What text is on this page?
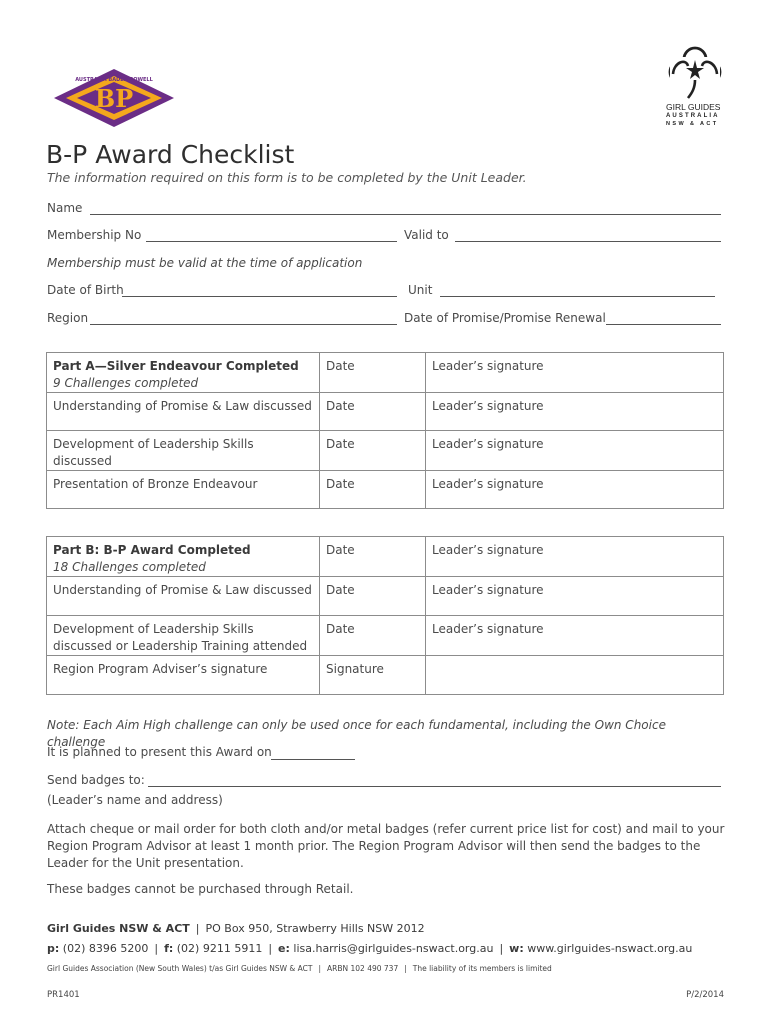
BP
AUSTRALIA BADEN POWELL
GIRL GUIDES
AUSTRALIA
NSW & ACT
B-P Award Checklist
The information required on this form is to be completed by the Unit Leader.
Name
Membership No	Valid to
Membership must be valid at the time of application
Date of Birth	Unit
Region	Date of Promise/Promise Renewal
Part A—Silver Endeavour Completed
9 Challenges completed	Date	Leader’s signature
Understanding of Promise & Law discussed	Date	Leader’s signature
Development of Leadership Skills discussed	Date	Leader’s signature
Presentation of Bronze Endeavour	Date	Leader’s signature
Part B: B-P Award Completed
18 Challenges completed	Date	Leader’s signature
Understanding of Promise & Law discussed	Date	Leader’s signature
Development of Leadership Skills discussed or Leadership Training attended	Date	Leader’s signature
Region Program Adviser’s signature	Signature	
Note: Each Aim High challenge can only be used once for each fundamental, including the Own Choice challenge
It is planned to present this Award on
Send badges to:
(Leader’s name and address)
Attach cheque or mail order for both cloth and/or metal badges (refer current price list for cost) and mail to your Region Program Advisor at least 1 month prior. The Region Program Advisor will then send the badges to the Leader for the Unit presentation.
These badges cannot be purchased through Retail.
Girl Guides NSW & ACT | PO Box 950, Strawberry Hills NSW 2012
p: (02) 8396 5200 | f: (02) 9211 5911 | e: lisa.harris@girlguides-nswact.org.au | w: www.girlguides-nswact.org.au
Girl Guides Association (New South Wales) t/as Girl Guides NSW & ACT | ARBN 102 490 737 | The liability of its members is limited
PR1401	P/2/2014
